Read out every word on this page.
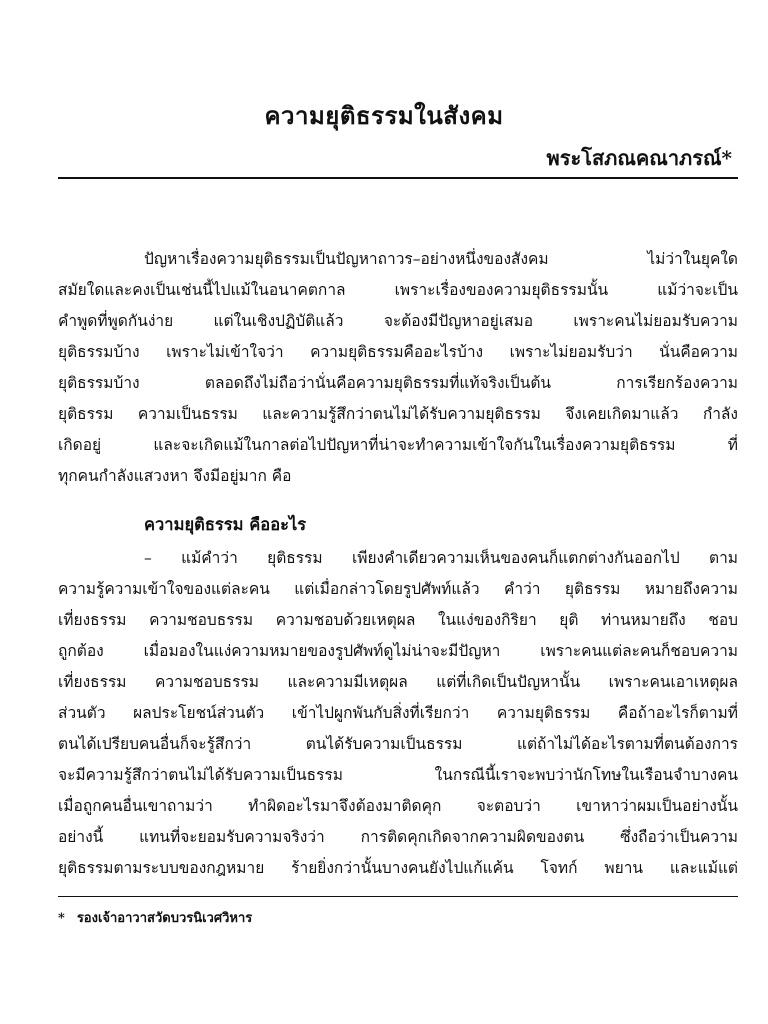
ความยุติธรรมในสังคม
พระโสภณคณาภรณ์*
ปัญหาเรื่องความยุติธรรมเป็นปัญหาถาวร–อย่างหนึ่งของสังคม ไม่ว่าในยุคใด
สมัยใดและคงเป็นเช่นนี้ไปแม้ในอนาคตกาล เพราะเรื่องของความยุติธรรมนั้น แม้ว่าจะเป็น
คำพูดที่พูดกันง่าย แต่ในเชิงปฏิบัติแล้ว จะต้องมีปัญหาอยู่เสมอ เพราะคนไม่ยอมรับความ
ยุติธรรมบ้าง เพราะไม่เข้าใจว่า ความยุติธรรมคืออะไรบ้าง เพราะไม่ยอมรับว่า นั่นคือความ
ยุติธรรมบ้าง ตลอดถึงไม่ถือว่านั่นคือความยุติธรรมที่แท้จริงเป็นต้น การเรียกร้องความ
ยุติธรรม ความเป็นธรรม และความรู้สึกว่าตนไม่ได้รับความยุติธรรม จึงเคยเกิดมาแล้ว กำลัง
เกิดอยู่ และจะเกิดแม้ในกาลต่อไปปัญหาที่น่าจะทำความเข้าใจกันในเรื่องความยุติธรรม ที่
ทุกคนกำลังแสวงหา จึงมีอยู่มาก คือ
ความยุติธรรม คืออะไร
– แม้คำว่า ยุติธรรม เพียงคำเดียวความเห็นของคนก็แตกต่างกันออกไป ตาม
ความรู้ความเข้าใจของแต่ละคน แต่เมื่อกล่าวโดยรูปศัพท์แล้ว คำว่า ยุติธรรม หมายถึงความ
เที่ยงธรรม ความชอบธรรม ความชอบด้วยเหตุผล ในแง่ของกิริยา ยุติ ท่านหมายถึง ชอบ
ถูกต้อง เมื่อมองในแง่ความหมายของรูปศัพท์ดูไม่น่าจะมีปัญหา เพราะคนแต่ละคนก็ชอบความ
เที่ยงธรรม ความชอบธรรม และความมีเหตุผล แต่ที่เกิดเป็นปัญหานั้น เพราะคนเอาเหตุผล
ส่วนตัว ผลประโยชน์ส่วนตัว เข้าไปผูกพันกับสิ่งที่เรียกว่า ความยุติธรรม คือถ้าอะไรก็ตามที่
ตนได้เปรียบคนอื่นก็จะรู้สึกว่า ตนได้รับความเป็นธรรม แต่ถ้าไม่ได้อะไรตามที่ตนต้องการ
จะมีความรู้สึกว่าตนไม่ได้รับความเป็นธรรม ในกรณีนี้เราจะพบว่านักโทษในเรือนจำบางคน
เมื่อถูกคนอื่นเขาถามว่า ทำผิดอะไรมาจึงต้องมาติดคุก จะตอบว่า เขาหาว่าผมเป็นอย่างนั้น
อย่างนี้ แทนที่จะยอมรับความจริงว่า การติดคุกเกิดจากความผิดของตน ซึ่งถือว่าเป็นความ
ยุติธรรมตามระบบของกฎหมาย ร้ายยิ่งกว่านั้นบางคนยังไปแก้แค้น โจทก์ พยาน และแม้แต่
* รองเจ้าอาวาสวัดบวรนิเวศวิหาร
